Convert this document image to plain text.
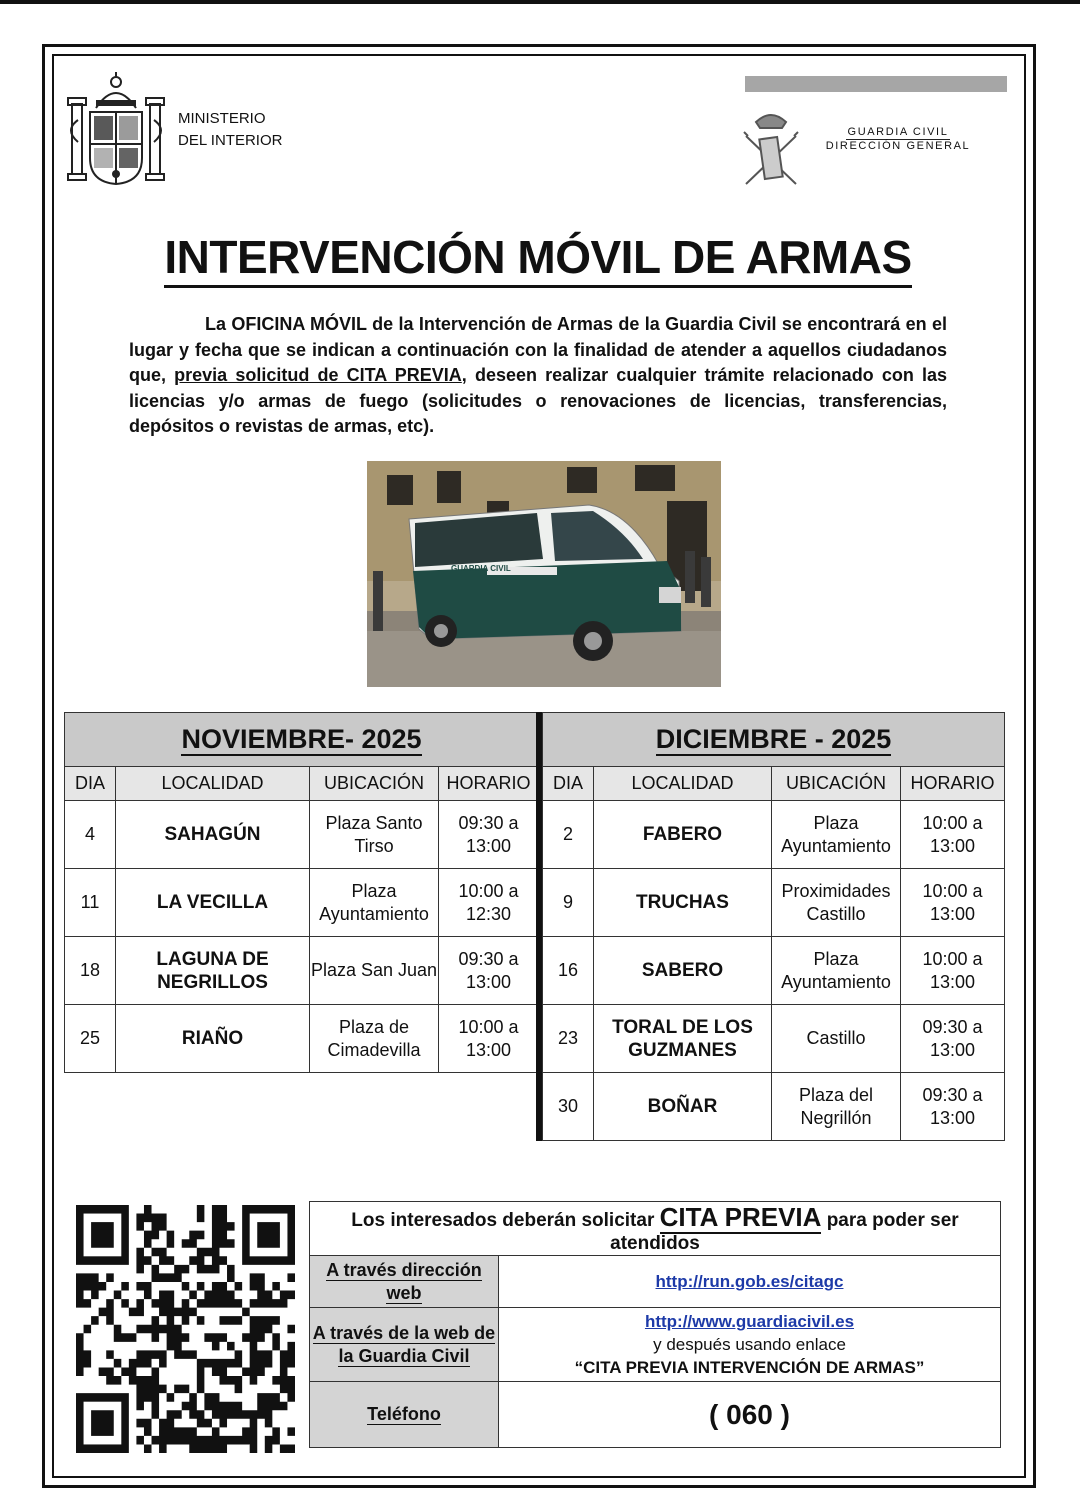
MINISTERIO
DEL INTERIOR	GUARDIA CIVIL
DIRECCIÓN GENERAL
INTERVENCIÓN MÓVIL DE ARMAS

La OFICINA MÓVIL de la Intervención de Armas de la Guardia Civil se encontrará en el lugar y fecha que se indican a continuación con la finalidad de atender a aquellos ciudadanos que, previa solicitud de CITA PREVIA, deseen realizar cualquier trámite relacionado con las licencias y/o armas de fuego (solicitudes o renovaciones de licencias, transferencias, depósitos o revistas de armas, etc).

GUARDIA CIVIL
NOVIEMBRE- 2025			
DIA	LOCALIDAD	UBICACIÓN	HORARIO
4	SAHAGÚN	Plaza Santo Tirso	09:30 a 13:00
11	LA VECILLA	Plaza Ayuntamiento	10:00 a 12:30
18	LAGUNA DE NEGRILLOS	Plaza San Juan	09:30 a 13:00
25	RIAÑO	Plaza de Cimadevilla	10:00 a 13:00
DICIEMBRE - 2025			
DIA	LOCALIDAD	UBICACIÓN	HORARIO
2	FABERO	Plaza Ayuntamiento	10:00 a 13:00
9	TRUCHAS	Proximidades Castillo	10:00 a 13:00
16	SABERO	Plaza Ayuntamiento	10:00 a 13:00
23	TORAL DE LOS GUZMANES	Castillo	09:30 a 13:00
30	BOÑAR	Plaza del Negrillón	09:30 a 13:00
Los interesados deberán solicitar CITA PREVIA para poder ser atendidos	
A través dirección web	http://run.gob.es/citagc
A través de la web de la Guardia Civil	http://www.guardiacivil.es
y después usando enlace
“CITA PREVIA INTERVENCIÓN DE ARMAS”

Teléfono	( 060 )
